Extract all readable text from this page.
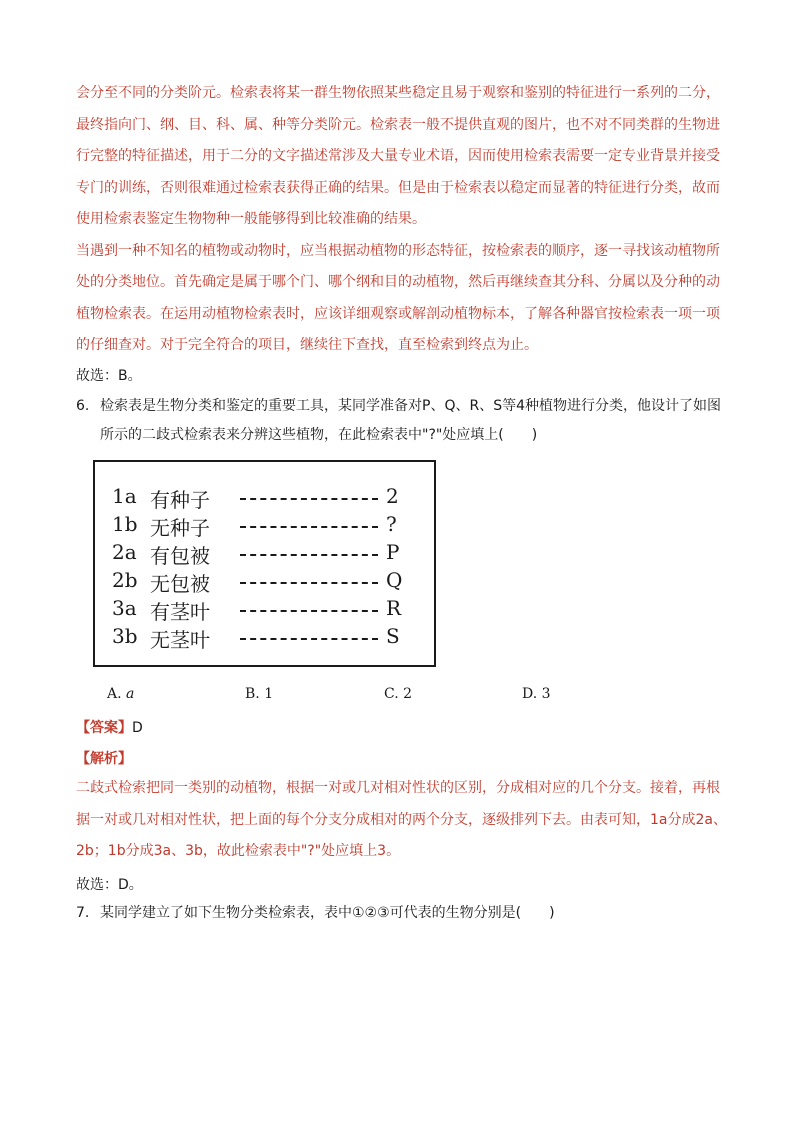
会分至不同的分类阶元。检索表将某一群生物依照某些稳定且易于观察和鉴别的特征进行一系列的二分，
最终指向门、纲、目、科、属、种等分类阶元。检索表一般不提供直观的图片，也不对不同类群的生物进
行完整的特征描述，用于二分的文字描述常涉及大量专业术语，因而使用检索表需要一定专业背景并接受
专门的训练，否则很难通过检索表获得正确的结果。但是由于检索表以稳定而显著的特征进行分类，故而
使用检索表鉴定生物物种一般能够得到比较准确的结果。
当遇到一种不知名的植物或动物时，应当根据动植物的形态特征，按检索表的顺序，逐一寻找该动植物所
处的分类地位。首先确定是属于哪个门、哪个纲和目的动植物，然后再继续查其分科、分属以及分种的动
植物检索表。在运用动植物检索表时，应该详细观察或解剖动植物标本，了解各种器官按检索表一项一项
的仔细查对。对于完全符合的项目，继续往下查找，直至检索到终点为止。
故选：B。
6. 检索表是生物分类和鉴定的重要工具，某同学准备对P、Q、R、S等4种植物进行分类，他设计了如图
所示的二歧式检索表来分辨这些植物，在此检索表中"?"处应填上(　　)
1a 有种子	2
1b 无种子	?
2a 有包被	P
2b 无包被	Q
3a 有茎叶	R
3b 无茎叶	S
A. a	B. 1	C. 2	D. 3
【答案】D
【解析】
二歧式检索把同一类别的动植物，根据一对或几对相对性状的区别，分成相对应的几个分支。接着，再根
据一对或几对相对性状，把上面的每个分支分成相对的两个分支，逐级排列下去。由表可知，1a分成2a、
2b；1b分成3a、3b，故此检索表中"?"处应填上3。
故选：D。
7. 某同学建立了如下生物分类检索表，表中①②③可代表的生物分别是(　　)
